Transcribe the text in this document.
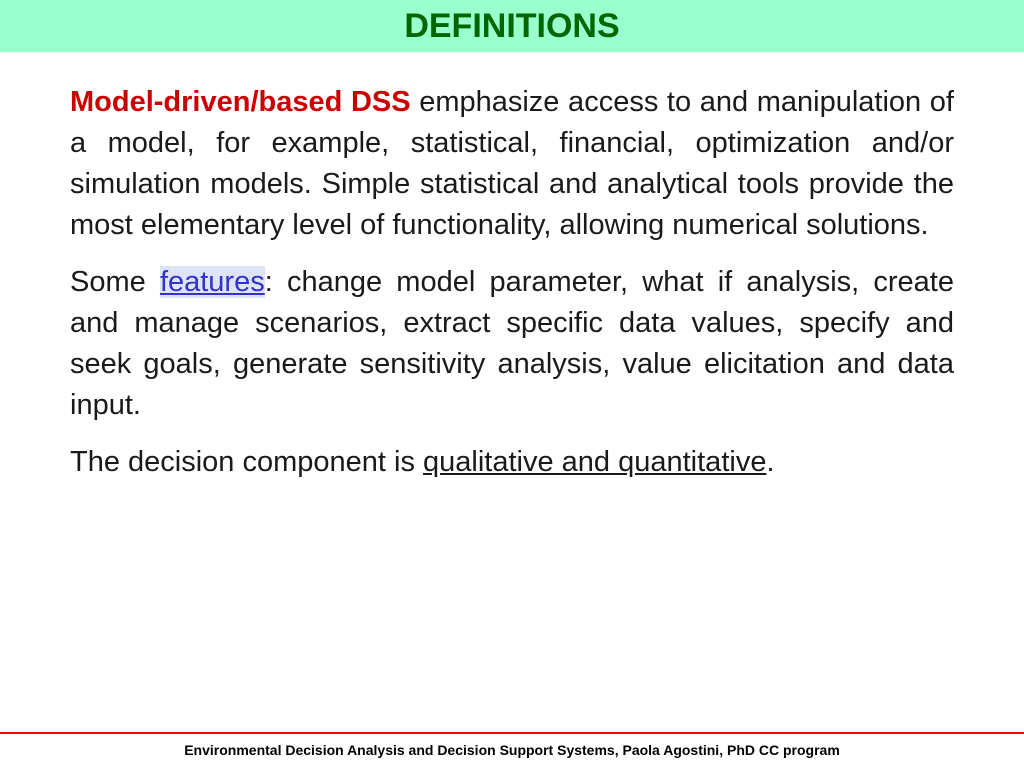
DEFINITIONS

Model-driven/based DSS emphasize access to and manipulation of a model, for example, statistical, financial, optimization and/or simulation models. Simple statistical and analytical tools provide the most elementary level of functionality, allowing numerical solutions.

Some features: change model parameter, what if analysis, create and manage scenarios, extract specific data values, specify and seek goals, generate sensitivity analysis, value elicitation and data input.

The decision component is qualitative and quantitative.

Environmental Decision Analysis and Decision Support Systems, Paola Agostini, PhD CC program
